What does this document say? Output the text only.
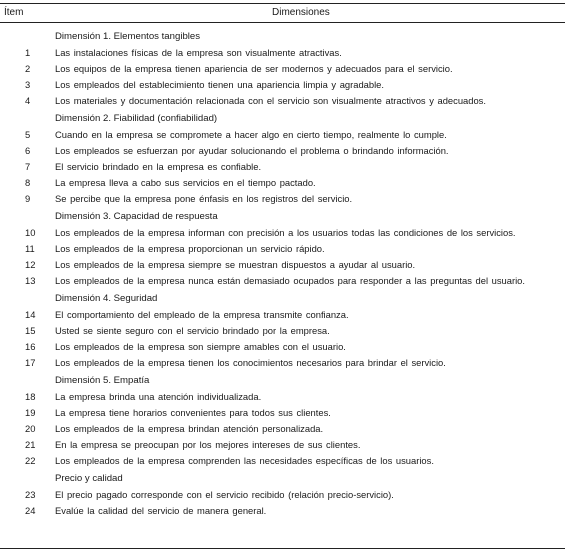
Ítem	Dimensiones
Dimensión 1. Elementos tangibles
1	Las instalaciones físicas de la empresa son visualmente atractivas.
2	Los equipos de la empresa tienen apariencia de ser modernos y adecuados para el servicio.
3	Los empleados del establecimiento tienen una apariencia limpia y agradable.
4	Los materiales y documentación relacionada con el servicio son visualmente atractivos y adecuados.
Dimensión 2. Fiabilidad (confiabilidad)
5	Cuando en la empresa se compromete a hacer algo en cierto tiempo, realmente lo cumple.
6	Los empleados se esfuerzan por ayudar solucionando el problema o brindando información.
7	El servicio brindado en la empresa es confiable.
8	La empresa lleva a cabo sus servicios en el tiempo pactado.
9	Se percibe que la empresa pone énfasis en los registros del servicio.
Dimensión 3. Capacidad de respuesta
10 Los empleados de la empresa informan con precisión a los usuarios todas las condiciones de los servicios.
11 Los empleados de la empresa proporcionan un servicio rápido.
12 Los empleados de la empresa siempre se muestran dispuestos a ayudar al usuario.
13 Los empleados de la empresa nunca están demasiado ocupados para responder a las preguntas del usuario.
Dimensión 4. Seguridad
14 El comportamiento del empleado de la empresa transmite confianza.
15 Usted se siente seguro con el servicio brindado por la empresa.
16 Los empleados de la empresa son siempre amables con el usuario.
17 Los empleados de la empresa tienen los conocimientos necesarios para brindar el servicio.
Dimensión 5. Empatía
18 La empresa brinda una atención individualizada.
19 La empresa tiene horarios convenientes para todos sus clientes.
20 Los empleados de la empresa brindan atención personalizada.
21 En la empresa se preocupan por los mejores intereses de sus clientes.
22 Los empleados de la empresa comprenden las necesidades específicas de los usuarios.
Precio y calidad
23 El precio pagado corresponde con el servicio recibido (relación precio-servicio).
24 Evalúe la calidad del servicio de manera general.
